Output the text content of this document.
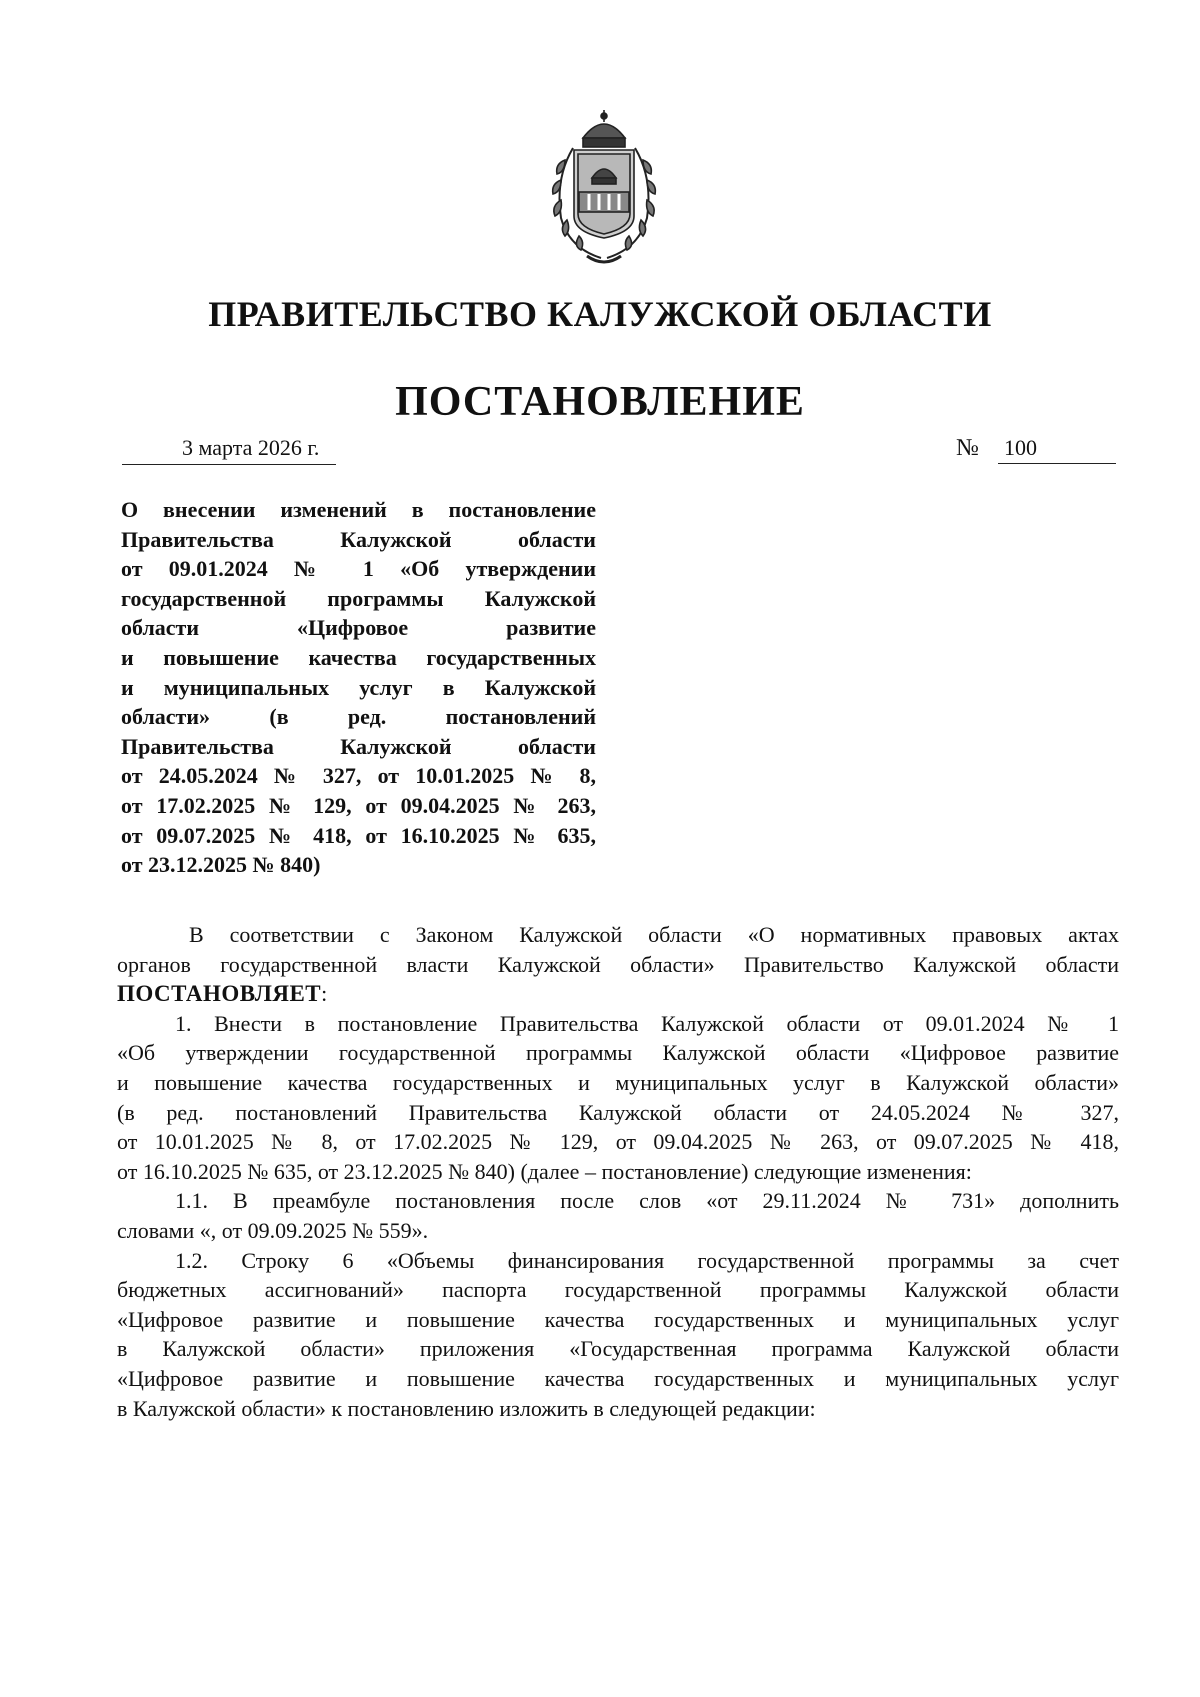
ПРАВИТЕЛЬСТВО КАЛУЖСКОЙ ОБЛАСТИ
ПОСТАНОВЛЕНИЕ
3 марта 2026 г.	№ 100
О внесении изменений в постановление
Правительства Калужской области
от 09.01.2024 № 1 «Об утверждении
государственной программы Калужской
области «Цифровое развитие
и повышение качества государственных
и муниципальных услуг в Калужской
области» (в ред. постановлений
Правительства Калужской области
от 24.05.2024 № 327, от 10.01.2025 № 8,
от 17.02.2025 № 129, от 09.04.2025 № 263,
от 09.07.2025 № 418, от 16.10.2025 № 635,
от 23.12.2025 № 840)
В соответствии с Законом Калужской области «О нормативных правовых актах
органов государственной власти Калужской области» Правительство Калужской области
ПОСТАНОВЛЯЕТ:
1. Внести в постановление Правительства Калужской области от 09.01.2024 № 1
«Об утверждении государственной программы Калужской области «Цифровое развитие
и повышение качества государственных и муниципальных услуг в Калужской области»
(в ред. постановлений Правительства Калужской области от 24.05.2024 № 327,
от 10.01.2025 № 8, от 17.02.2025 № 129, от 09.04.2025 № 263, от 09.07.2025 № 418,
от 16.10.2025 № 635, от 23.12.2025 № 840) (далее – постановление) следующие изменения:
1.1. В преамбуле постановления после слов «от 29.11.2024 № 731» дополнить
словами «, от 09.09.2025 № 559».
1.2. Строку 6 «Объемы финансирования государственной программы за счет
бюджетных ассигнований» паспорта государственной программы Калужской области
«Цифровое развитие и повышение качества государственных и муниципальных услуг
в Калужской области» приложения «Государственная программа Калужской области
«Цифровое развитие и повышение качества государственных и муниципальных услуг
в Калужской области» к постановлению изложить в следующей редакции:
